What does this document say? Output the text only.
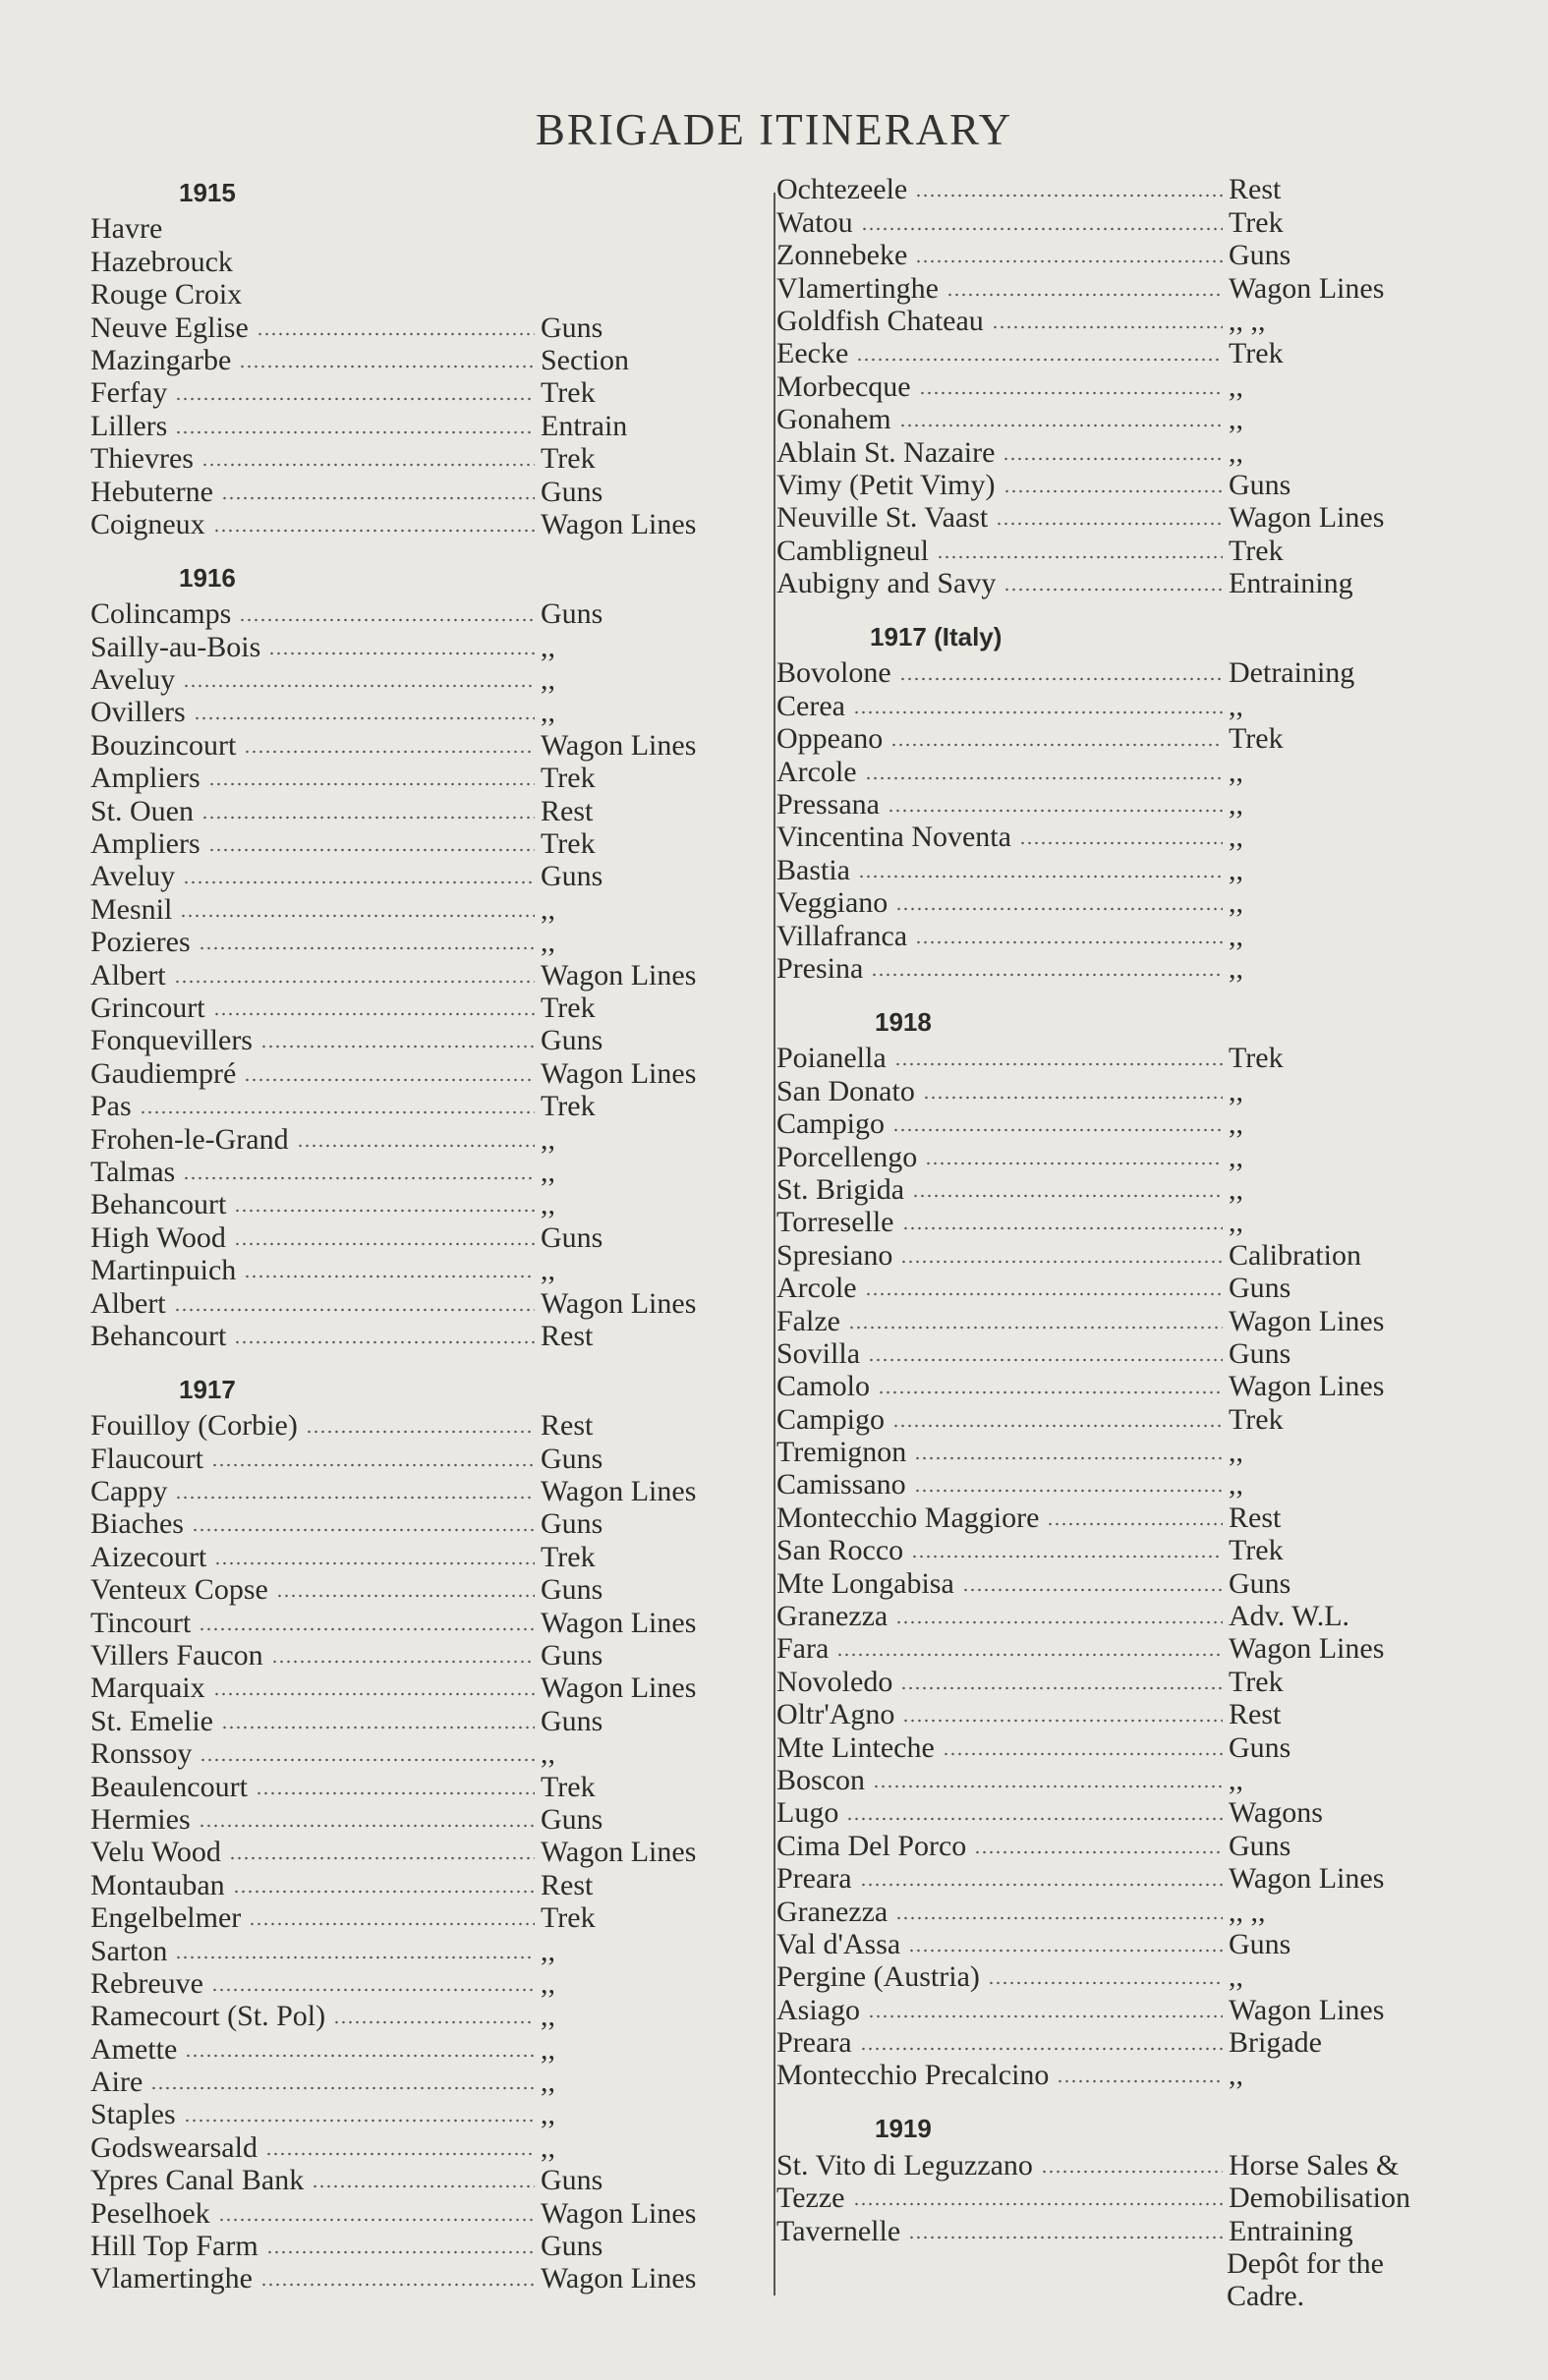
BRIGADE ITINERARY
1915
Havre
Hazebrouck
Rouge Croix
Neuve Eglise	Guns
Mazingarbe	Section
Ferfay	Trek
Lillers	Entrain
Thievres	Trek
Hebuterne	Guns
Coigneux	Wagon Lines
1916
Colincamps	Guns
Sailly-au-Bois	,,
Aveluy	,,
Ovillers	,,
Bouzincourt	Wagon Lines
Ampliers	Trek
St. Ouen	Rest
Ampliers	Trek
Aveluy	Guns
Mesnil	,,
Pozieres	,,
Albert	Wagon Lines
Grincourt	Trek
Fonquevillers	Guns
Gaudiempré	Wagon Lines
Pas	Trek
Frohen-le-Grand	,,
Talmas	,,
Behancourt	,,
High Wood	Guns
Martinpuich	,,
Albert	Wagon Lines
Behancourt	Rest
1917
Fouilloy (Corbie)	Rest
Flaucourt	Guns
Cappy	Wagon Lines
Biaches	Guns
Aizecourt	Trek
Venteux Copse	Guns
Tincourt	Wagon Lines
Villers Faucon	Guns
Marquaix	Wagon Lines
St. Emelie	Guns
Ronssoy	,,
Beaulencourt	Trek
Hermies	Guns
Velu Wood	Wagon Lines
Montauban	Rest
Engelbelmer	Trek
Sarton	,,
Rebreuve	,,
Ramecourt (St. Pol)	,,
Amette	,,
Aire	,,
Staples	,,
Godswearsald	,,
Ypres Canal Bank	Guns
Peselhoek	Wagon Lines
Hill Top Farm	Guns
Vlamertinghe	Wagon Lines
Ochtezeele	Rest
Watou	Trek
Zonnebeke	Guns
Vlamertinghe	Wagon Lines
Goldfish Chateau	,, ,,
Eecke	Trek
Morbecque	,,
Gonahem	,,
Ablain St. Nazaire	,,
Vimy (Petit Vimy)	Guns
Neuville St. Vaast	Wagon Lines
Cambligneul	Trek
Aubigny and Savy	Entraining
1917 (Italy)
Bovolone	Detraining
Cerea	,,
Oppeano	Trek
Arcole	,,
Pressana	,,
Vincentina Noventa	,,
Bastia	,,
Veggiano	,,
Villafranca	,,
Presina	,,
1918
Poianella	Trek
San Donato	,,
Campigo	,,
Porcellengo	,,
St. Brigida	,,
Torreselle	,,
Spresiano	Calibration
Arcole	Guns
Falze	Wagon Lines
Sovilla	Guns
Camolo	Wagon Lines
Campigo	Trek
Tremignon	,,
Camissano	,,
Montecchio Maggiore	Rest
San Rocco	Trek
Mte Longabisa	Guns
Granezza	Adv. W.L.
Fara	Wagon Lines
Novoledo	Trek
Oltr'Agno	Rest
Mte Linteche	Guns
Boscon	,,
Lugo	Wagons
Cima Del Porco	Guns
Preara	Wagon Lines
Granezza	,, ,,
Val d'Assa	Guns
Pergine (Austria)	,,
Asiago	Wagon Lines
Preara	Brigade
Montecchio Precalcino	,,
1919
St. Vito di Leguzzano	Horse Sales &
Tezze	Demobilisation
Tavernelle	Entraining
Depôt for the
Cadre.
